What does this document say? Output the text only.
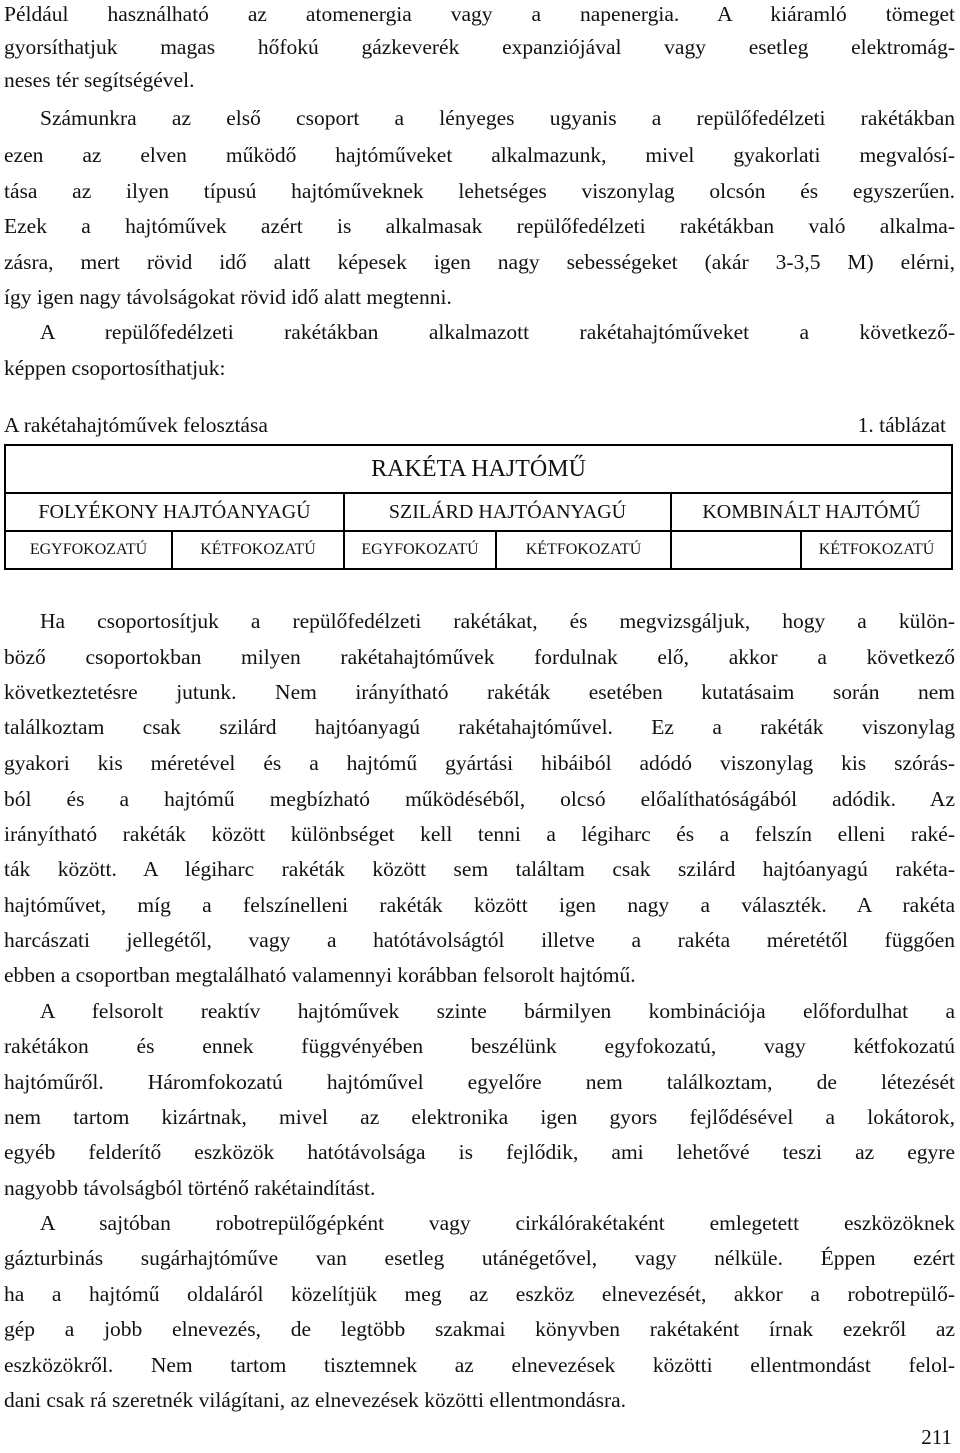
Például használható az atomenergia vagy a napenergia. A kiáramló tömeget

gyorsíthatjuk magas hőfokú gázkeverék expanziójával vagy esetleg elektromág-

neses tér segítségével.

Számunkra az első csoport a lényeges ugyanis a repülőfedélzeti rakétákban

ezen az elven működő hajtóműveket alkalmazunk, mivel gyakorlati megvalósí-

tása az ilyen típusú hajtóműveknek lehetséges viszonylag olcsón és egyszerűen.

Ezek a hajtóművek azért is alkalmasak repülőfedélzeti rakétákban való alkalma-

zásra, mert rövid idő alatt képesek igen nagy sebességeket (akár 3-3,5 M) elérni,

így igen nagy távolságokat rövid idő alatt megtenni.

A repülőfedélzeti rakétákban alkalmazott rakétahajtóműveket a következő-

képpen csoportosíthatjuk:

A rakétahajtóművek felosztása	1. táblázat
RAKÉTA HAJTÓMŰ					
FOLYÉKONY HAJTÓANYAGÚ		SZILÁRD HAJTÓANYAGÚ		KOMBINÁLT HAJTÓMŰ	
EGYFOKOZATÚ	KÉTFOKOZATÚ	EGYFOKOZATÚ	KÉTFOKOZATÚ		KÉTFOKOZATÚ

Ha csoportosítjuk a repülőfedélzeti rakétákat, és megvizsgáljuk, hogy a külön-

böző csoportokban milyen rakétahajtóművek fordulnak elő, akkor a következő

következtetésre jutunk. Nem irányítható rakéták esetében kutatásaim során nem

találkoztam csak szilárd hajtóanyagú rakétahajtóművel. Ez a rakéták viszonylag

gyakori kis méretével és a hajtómű gyártási hibáiból adódó viszonylag kis szórás-

ból és a hajtómű megbízható működéséből, olcsó előalíthatóságából adódik. Az

irányítható rakéták között különbséget kell tenni a légiharc és a felszín elleni raké-

ták között. A légiharc rakéták között sem találtam csak szilárd hajtóanyagú rakéta-

hajtóművet, míg a felszínelleni rakéták között igen nagy a választék. A rakéta

harcászati jellegétől, vagy a hatótávolságtól illetve a rakéta méretétől függően

ebben a csoportban megtalálható valamennyi korábban felsorolt hajtómű.

A felsorolt reaktív hajtóművek szinte bármilyen kombinációja előfordulhat a

rakétákon és ennek függvényében beszélünk egyfokozatú, vagy kétfokozatú

hajtóműről. Háromfokozatú hajtóművel egyelőre nem találkoztam, de létezését

nem tartom kizártnak, mivel az elektronika igen gyors fejlődésével a lokátorok,

egyéb felderítő eszközök hatótávolsága is fejlődik, ami lehetővé teszi az egyre

nagyobb távolságból történő rakétaindítást.

A sajtóban robotrepülőgépként vagy cirkálórakétaként emlegetett eszközöknek

gázturbinás sugárhajtóműve van esetleg utánégetővel, vagy nélküle. Éppen ezért

ha a hajtómű oldaláról közelítjük meg az eszköz elnevezését, akkor a robotrepülő-

gép a jobb elnevezés, de legtöbb szakmai könyvben rakétaként írnak ezekről az

eszközökről. Nem tartom tisztemnek az elnevezések közötti ellentmondást felol-

dani csak rá szeretnék világítani, az elnevezések közötti ellentmondásra.

211
